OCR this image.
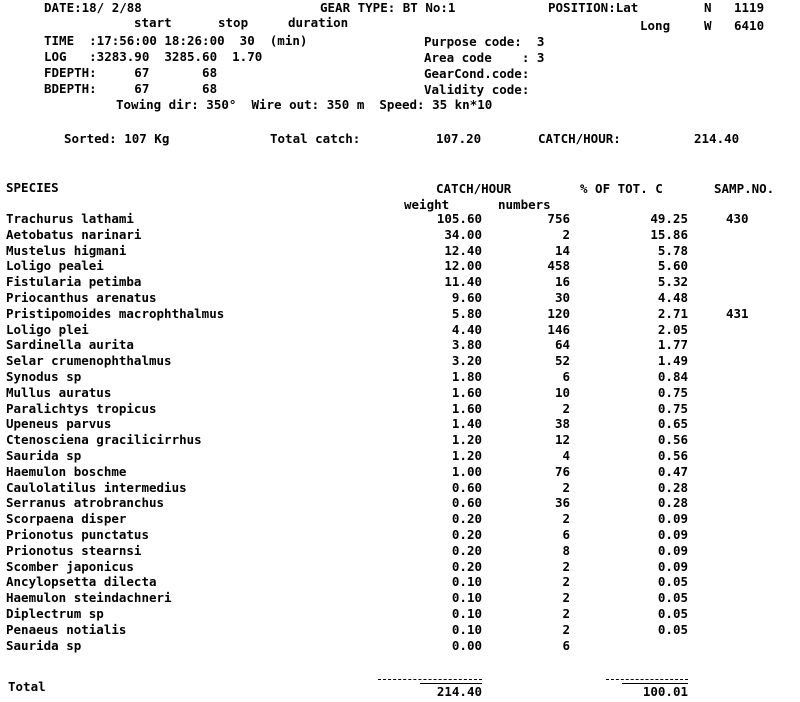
DATE:18/ 2/88	GEAR TYPE: BT No:1	POSITION:Lat	N 1119
start	stop	duration	Long	W 6410
TIME  :17:56:00 18:26:00  30  (min)	Purpose code:  3
LOG   :3283.90  3285.60  1.70	Area code    : 3
FDEPTH:     67       68	GearCond.code:
BDEPTH:     67       68	Validity code:
Towing dir: 350°  Wire out: 350 m  Speed: 35 kn*10
Sorted: 107 Kg	Total catch:	107.20	CATCH/HOUR:	214.40
SPECIES	CATCH/HOUR	% OF TOT. C	SAMP.NO.
weight	numbers
Trachurus lathami	105.60	756	49.25	430
Aetobatus narinari	34.00	2	15.86
Mustelus higmani	12.40	14	5.78
Loligo pealei	12.00	458	5.60
Fistularia petimba	11.40	16	5.32
Priocanthus arenatus	9.60	30	4.48
Pristipomoides macrophthalmus	5.80	120	2.71	431
Loligo plei	4.40	146	2.05
Sardinella aurita	3.80	64	1.77
Selar crumenophthalmus	3.20	52	1.49
Synodus sp	1.80	6	0.84
Mullus auratus	1.60	10	0.75
Paralichtys tropicus	1.60	2	0.75
Upeneus parvus	1.40	38	0.65
Ctenosciena gracilicirrhus	1.20	12	0.56
Saurida sp	1.20	4	0.56
Haemulon boschme	1.00	76	0.47
Caulolatilus intermedius	0.60	2	0.28
Serranus atrobranchus	0.60	36	0.28
Scorpaena disper	0.20	2	0.09
Prionotus punctatus	0.20	6	0.09
Prionotus stearnsi	0.20	8	0.09
Scomber japonicus	0.20	2	0.09
Ancylopsetta dilecta	0.10	2	0.05
Haemulon steindachneri	0.10	2	0.05
Diplectrum sp	0.10	2	0.05
Penaeus notialis	0.10	2	0.05
Saurida sp	0.00	6
Total	214.40	100.01
